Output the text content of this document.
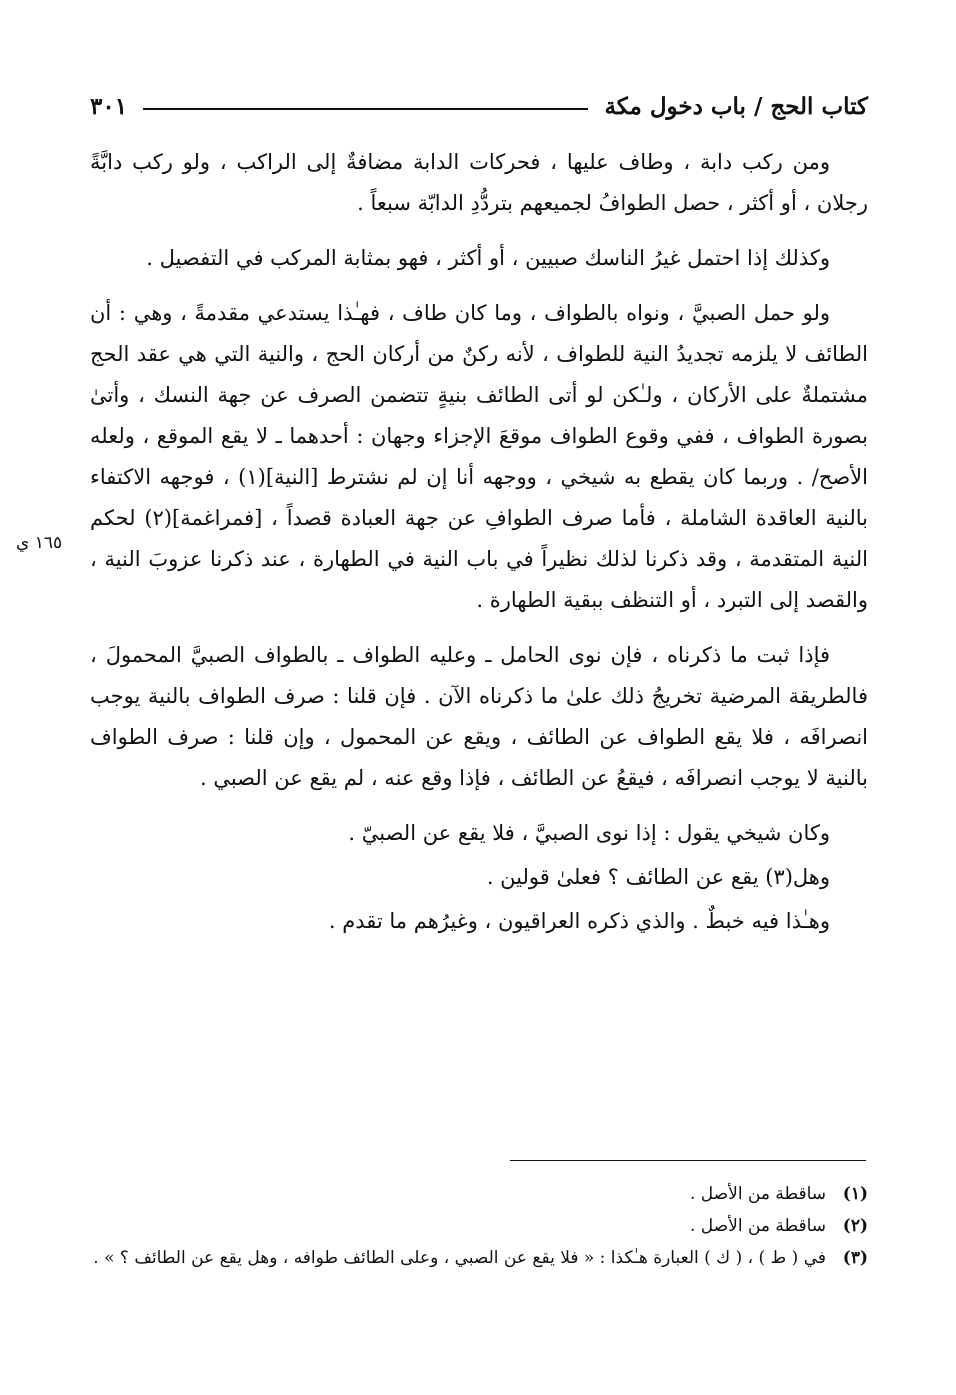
كتاب الحج / باب دخول مكة
٣٠١
١٦٥ ي

ومن ركب دابة ، وطاف عليها ، فحركات الدابة مضافةٌ إلى الراكب ، ولو ركب دابَّةً رجلان ، أو أكثر ، حصل الطوافُ لجميعهم بتردُّدِ الدابّة سبعاً .

وكذلك إذا احتمل غيرُ الناسك صبيين ، أو أكثر ، فهو بمثابة المركب في التفصيل .

ولو حمل الصبيَّ ، ونواه بالطواف ، وما كان طاف ، فهـٰذا يستدعي مقدمةً ، وهي : أن الطائف لا يلزمه تجديدُ النية للطواف ، لأنه ركنٌ من أركان الحج ، والنية التي هي عقد الحج مشتملةٌ على الأركان ، ولـٰكن لو أتى الطائف بنيةٍ تتضمن الصرف عن جهة النسك ، وأتىٰ بصورة الطواف ، ففي وقوع الطواف موقعَ الإجزاء وجهان : أحدهما ـ لا يقع الموقع ، ولعله الأصح/ . وربما كان يقطع به شيخي ، ووجهه أنا إن لم نشترط [النية](١) ، فوجهه الاكتفاء بالنية العاقدة الشاملة ، فأما صرف الطوافِ عن جهة العبادة قصداً ، [فمراغمة](٢) لحكم النية المتقدمة ، وقد ذكرنا لذلك نظيراً في باب النية في الطهارة ، عند ذكرنا عزوبَ النية ، والقصد إلى التبرد ، أو التنظف ببقية الطهارة .

فإذا ثبت ما ذكرناه ، فإن نوى الحامل ـ وعليه الطواف ـ بالطواف الصبيَّ المحمولَ ، فالطريقة المرضية تخريجُ ذلك علىٰ ما ذكرناه الآن . فإن قلنا : صرف الطواف بالنية يوجب انصرافَه ، فلا يقع الطواف عن الطائف ، ويقع عن المحمول ، وإن قلنا : صرف الطواف بالنية لا يوجب انصرافَه ، فيقعُ عن الطائف ، فإذا وقع عنه ، لم يقع عن الصبي .

وكان شيخي يقول : إذا نوى الصبيَّ ، فلا يقع عن الصبيّ .

وهل(٣) يقع عن الطائف ؟ فعلىٰ قولين .

وهـٰذا فيه خبطٌ . والذي ذكره العراقيون ، وغيرُهم ما تقدم .

(١)
ساقطة من الأصل .
(٢)
ساقطة من الأصل .
(٣)
في ( ط ) ، ( ك ) العبارة هـٰكذا : « فلا يقع عن الصبي ، وعلى الطائف طوافه ، وهل يقع عن الطائف ؟ » .
